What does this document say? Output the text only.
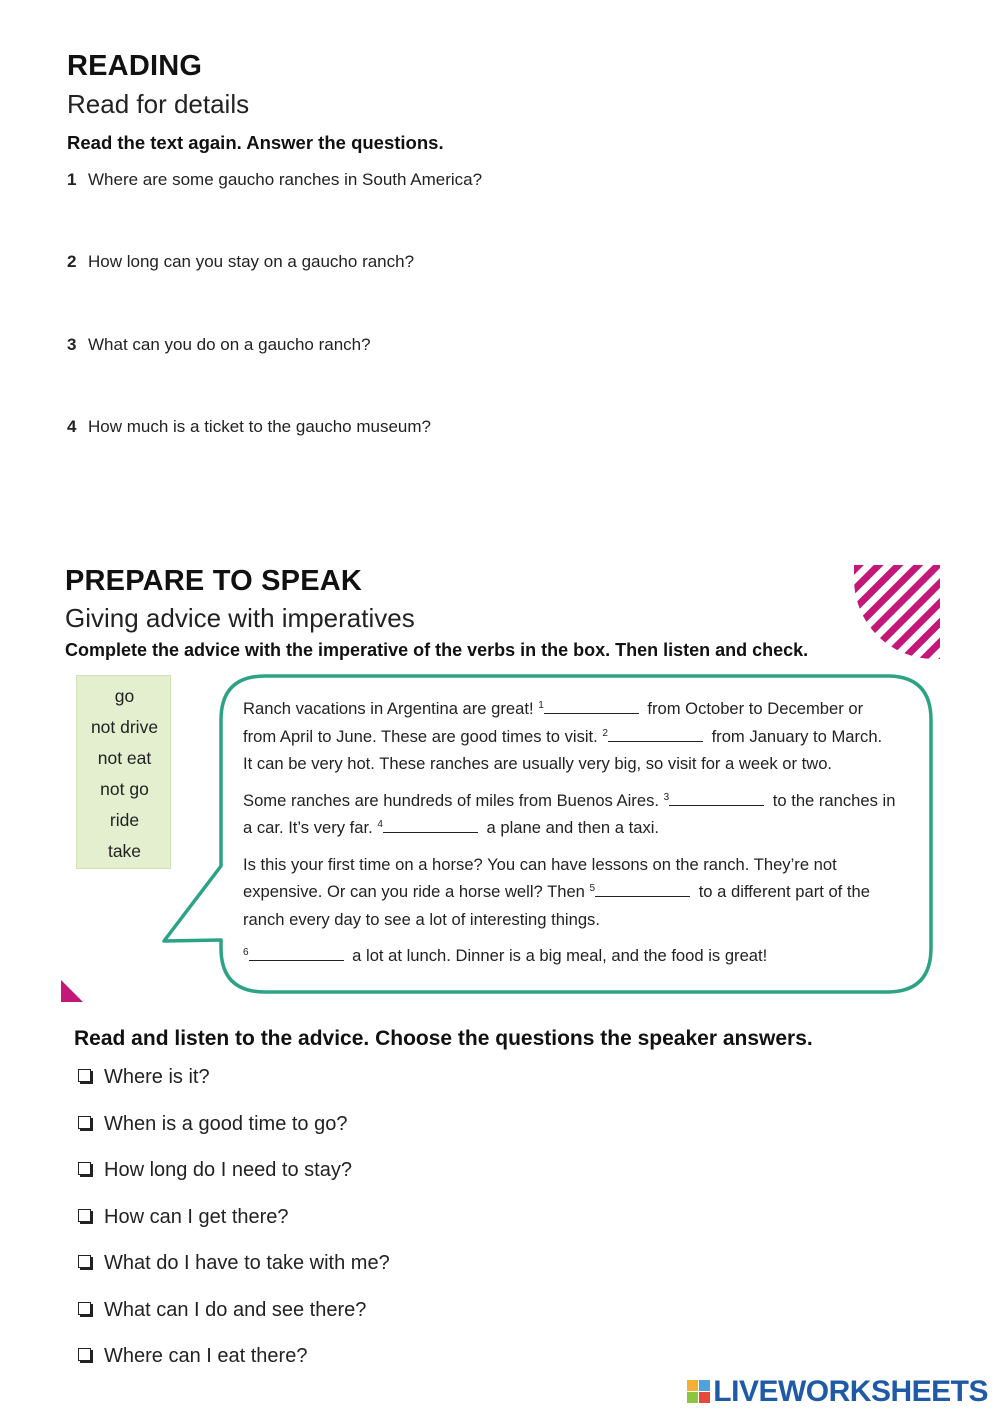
READING
Read for details
Read the text again. Answer the questions.
1 Where are some gaucho ranches in South America?
2 How long can you stay on a gaucho ranch?
3 What can you do on a gaucho ranch?
4 How much is a ticket to the gaucho museum?
PREPARE TO SPEAK
Giving advice with imperatives
Complete the advice with the imperative of the verbs in the box. Then listen and check.
go
not drive
not eat
not go
ride
take

Ranch vacations in Argentina are great! $^1$	from October to December or
from April to June. These are good times to visit. $^2$	from January to March.
It can be very hot. These ranches are usually very big, so visit for a week or two.

Some ranches are hundreds of miles from Buenos Aires. $^3$	to the ranches in
a car. It’s very far. $^4$	a plane and then a taxi.

Is this your first time on a horse? You can have lessons on the ranch. They’re not
expensive. Or can you ride a horse well? Then $^5$	to a different part of the
ranch every day to see a lot of interesting things.

$^6$	a lot at lunch. Dinner is a big meal, and the food is great!

Read and listen to the advice. Choose the questions the speaker answers.
Where is it?
When is a good time to go?
How long do I need to stay?
How can I get there?
What do I have to take with me?
What can I do and see there?
Where can I eat there?
LIVEWORKSHEETS
